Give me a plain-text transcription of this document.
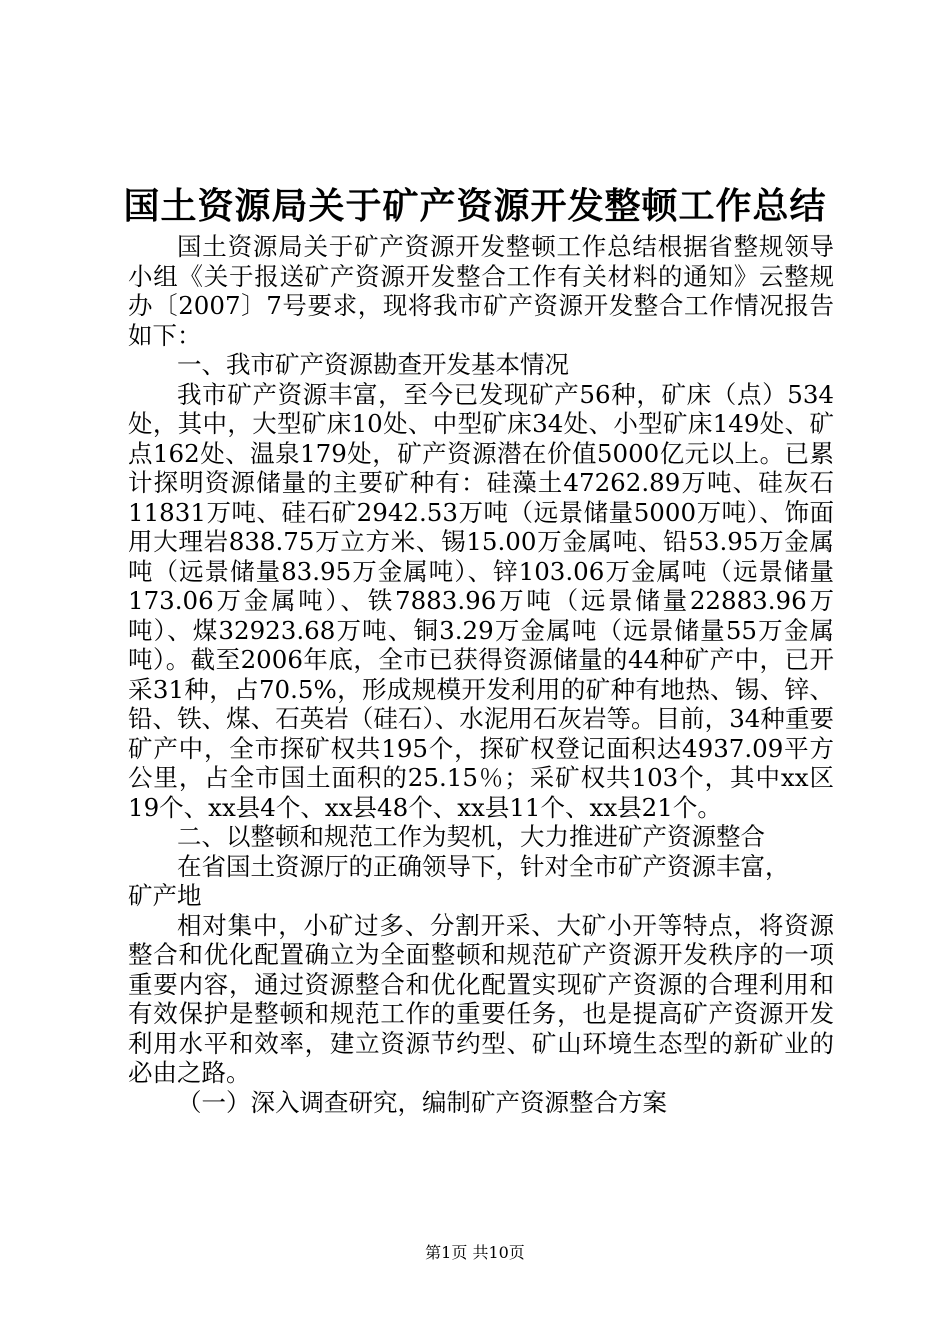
国土资源局关于矿产资源开发整顿工作总结

国土资源局关于矿产资源开发整顿工作总结根据省整规领导小组《关于报送矿产资源开发整合工作有关材料的通知》云整规办〔2007〕7号要求，现将我市矿产资源开发整合工作情况报告如下：

一、我市矿产资源勘查开发基本情况

我市矿产资源丰富，至今已发现矿产56种，矿床（点）534处，其中，大型矿床10处、中型矿床34处、小型矿床149处、矿点162处、温泉179处，矿产资源潜在价值5000亿元以上。已累计探明资源储量的主要矿种有：硅藻土47262.89万吨、硅灰石11831万吨、硅石矿2942.53万吨（远景储量5000万吨）、饰面用大理岩838.75万立方米、锡15.00万金属吨、铅53.95万金属吨（远景储量83.95万金属吨）、锌103.06万金属吨（远景储量173.06万金属吨）、铁7883.96万吨（远景储量22883.96万吨）、煤32923.68万吨、铜3.29万金属吨（远景储量55万金属吨）。截至2006年底，全市已获得资源储量的44种矿产中，已开采31种，占70.5%，形成规模开发利用的矿种有地热、锡、锌、铅、铁、煤、石英岩（硅石）、水泥用石灰岩等。目前，34种重要矿产中，全市探矿权共195个，探矿权登记面积达4937.09平方公里，占全市国土面积的25.15％；采矿权共103个，其中xx区19个、xx县4个、xx县48个、xx县11个、xx县21个。

二、以整顿和规范工作为契机，大力推进矿产资源整合

在省国土资源厅的正确领导下，针对全市矿产资源丰富，

矿产地

相对集中，小矿过多、分割开采、大矿小开等特点，将资源整合和优化配置确立为全面整顿和规范矿产资源开发秩序的一项重要内容，通过资源整合和优化配置实现矿产资源的合理利用和有效保护是整顿和规范工作的重要任务，也是提高矿产资源开发利用水平和效率，建立资源节约型、矿山环境生态型的新矿业的必由之路。

（一）深入调查研究，编制矿产资源整合方案

第1页 共10页
